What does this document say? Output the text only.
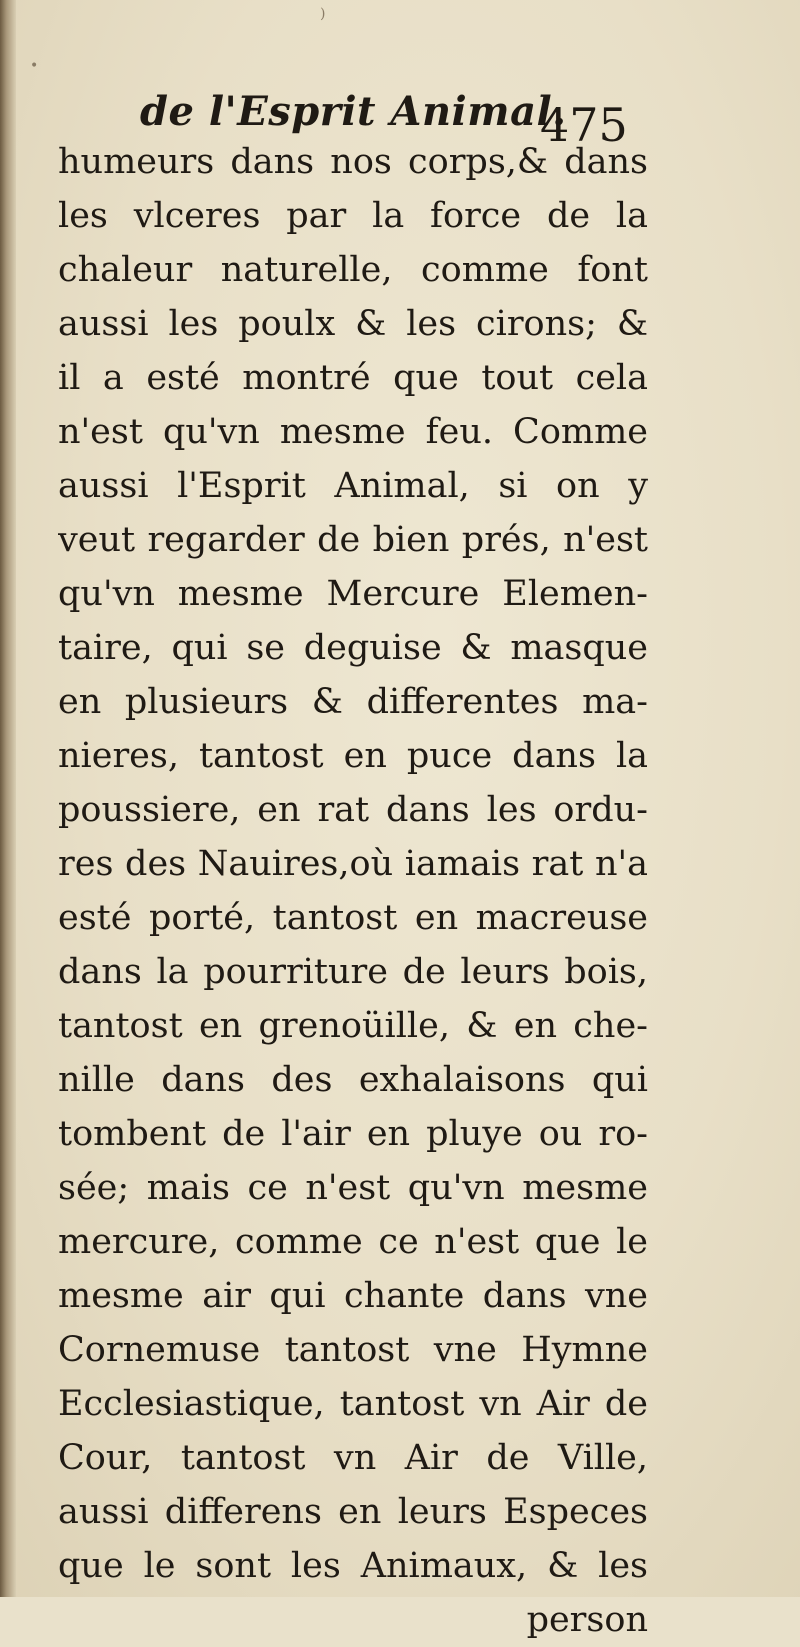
)
•
de l'Esprit Animal.
475
humeurs dans nos corps,& dans
les vlceres par la force de la
chaleur naturelle, comme font
aussi les poulx & les cirons; &
il a esté montré que tout cela
n'est qu'vn mesme feu. Comme
aussi l'Esprit Animal, si on y
veut regarder de bien prés, n'est
qu'vn mesme Mercure Elemen-
taire, qui se deguise & masque
en plusieurs & differentes ma-
nieres, tantost en puce dans la
poussiere, en rat dans les ordu-
res des Nauires,où iamais rat n'a
esté porté, tantost en macreuse
dans la pourriture de leurs bois,
tantost en grenoüille, & en che-
nille dans des exhalaisons qui
tombent de l'air en pluye ou ro-
sée; mais ce n'est qu'vn mesme
mercure, comme ce n'est que le
mesme air qui chante dans vne
Cornemuse tantost vne Hymne
Ecclesiastique, tantost vn Air de
Cour, tantost vn Air de Ville,
aussi differens en leurs Especes
que le sont les Animaux, & les
person
